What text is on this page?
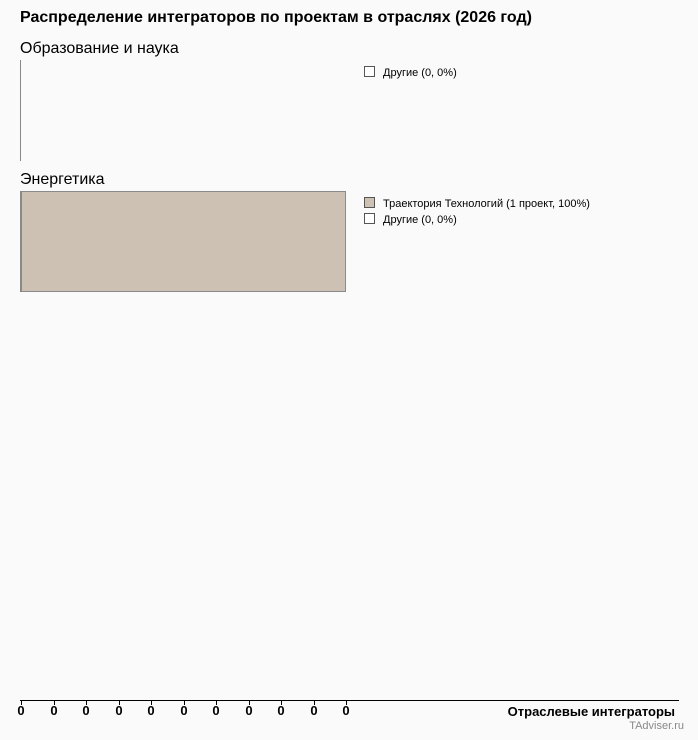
Распределение интеграторов по проектам в отраслях (2026 год)
Образование и наука
Другие (0, 0%)
Энергетика
Траектория Технологий (1 проект, 100%)
Другие (0, 0%)
0	0	0	0	0	0	0	0	0	0	0	Отраслевые интеграторы
TAdviser.ru
